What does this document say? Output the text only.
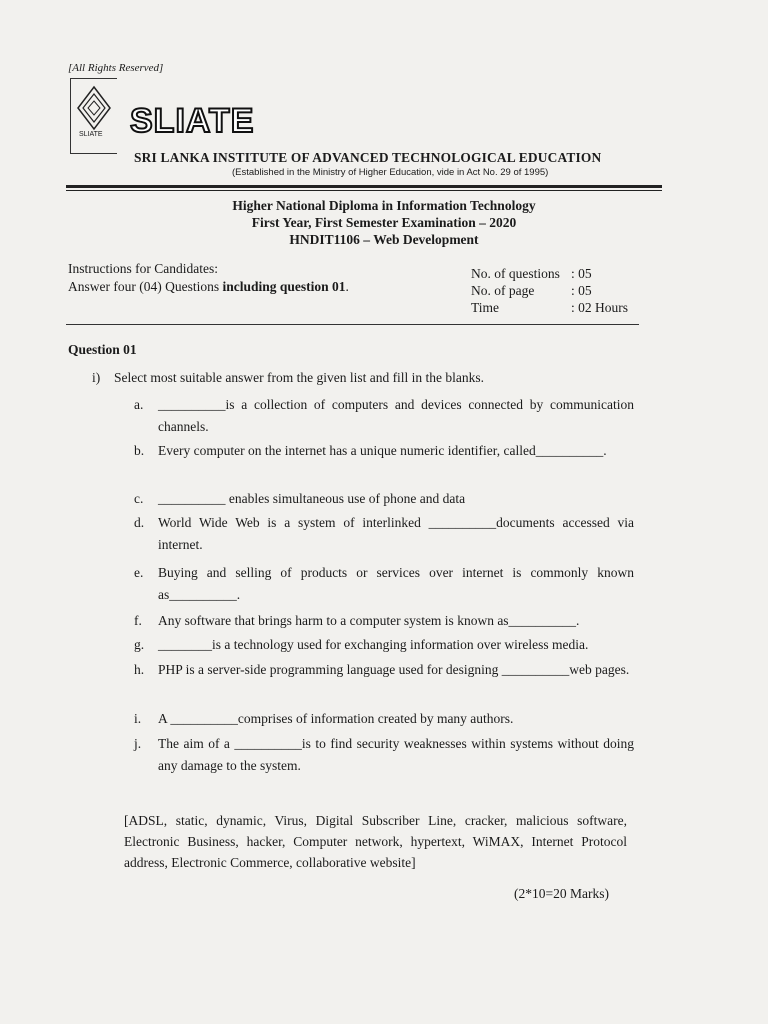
[All Rights Reserved]
SLIATE SLIATE
SRI LANKA INSTITUTE OF ADVANCED TECHNOLOGICAL EDUCATION
(Established in the Ministry of Higher Education, vide in Act No. 29 of 1995)
Higher National Diploma in Information Technology
First Year, First Semester Examination – 2020
HNDIT1106 – Web Development
Instructions for Candidates:
Answer four (04) Questions including question 01.
No. of questions : 05
No. of page	: 05
Time	: 02 Hours
Question 01
i) Select most suitable answer from the given list and fill in the blanks.
a.	__________is a collection of computers and devices connected by communication channels.
b.	Every computer on the internet has a unique numeric identifier, called__________.
c.	__________ enables simultaneous use of phone and data
d.	World Wide Web is a system of interlinked __________documents accessed via internet.
e.	Buying and selling of products or services over internet is commonly known as__________.
f.	Any software that brings harm to a computer system is known as__________.
g.	________is a technology used for exchanging information over wireless media.
h.	PHP is a server-side programming language used for designing __________web pages.
i.	A __________comprises of information created by many authors.
j.	The aim of a __________is to find security weaknesses within systems without doing any damage to the system.
[ADSL, static, dynamic, Virus, Digital Subscriber Line, cracker, malicious software, Electronic Business, hacker, Computer network, hypertext, WiMAX, Internet Protocol address, Electronic Commerce, collaborative website]
(2*10=20 Marks)
